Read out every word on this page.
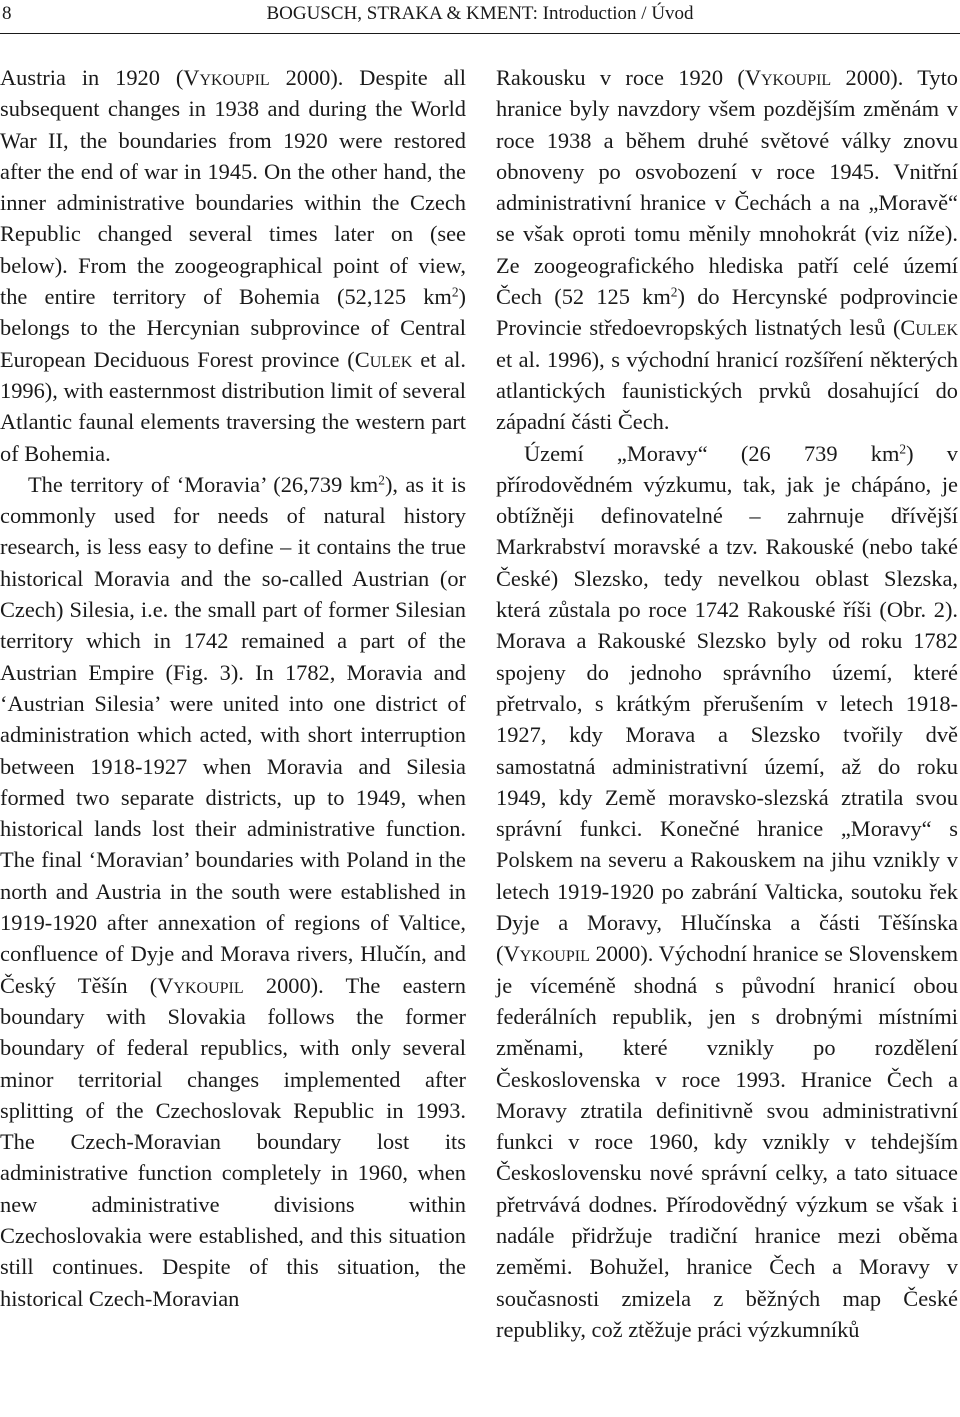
8	BOGUSCH, STRAKA & KMENT: Introduction / Úvod

Austria in 1920 (Vykoupil 2000). Despite all subsequent changes in 1938 and during the World War II, the boundaries from 1920 were restored after the end of war in 1945. On the other hand, the inner administrative boundaries within the Czech Republic changed several times later on (see below). From the zoogeographical point of view, the entire territory of Bohemia (52,125 $km^2$) belongs to the Hercynian subprovince of Central European Deciduous Forest province (Culek et al. 1996), with easternmost distribution limit of several Atlantic faunal elements traversing the western part of Bohemia.

The territory of ‘Moravia’ (26,739 $km^2$), as it is commonly used for needs of natural history research, is less easy to define – it contains the true historical Moravia and the so-called Austrian (or Czech) Silesia, i.e. the small part of former Silesian territory which in 1742 remained a part of the Austrian Empire (Fig. 3). In 1782, Moravia and ‘Austrian Silesia’ were united into one district of administration which acted, with short interruption between 1918-1927 when Moravia and Silesia formed two separate districts, up to 1949, when historical lands lost their administrative function. The final ‘Moravian’ boundaries with Poland in the north and Austria in the south were established in 1919-1920 after annexation of regions of Valtice, confluence of Dyje and Morava rivers, Hlučín, and Český Těšín (Vykoupil 2000). The eastern boundary with Slovakia follows the former boundary of federal republics, with only several minor territorial changes implemented after splitting of the Czechoslovak Republic in 1993. The Czech-Moravian boundary lost its administrative function completely in 1960, when new administrative divisions within Czechoslovakia were established, and this situation still continues. Despite of this situation, the historical Czech-Moravian

Rakousku v roce 1920 (Vykoupil 2000). Tyto hranice byly navzdory všem pozdějším změnám v roce 1938 a během druhé světové války znovu obnoveny po osvobození v roce 1945. Vnitřní administrativní hranice v Čechách a na „Moravě“ se však oproti tomu měnily mnohokrát (viz níže). Ze zoogeografického hlediska patří celé území Čech (52 125 $km^2$) do Hercynské podprovincie Provincie středoevropských listnatých lesů (Culek et al. 1996), s východní hranicí rozšíření některých atlantických faunistických prvků dosahující do západní části Čech.

Území „Moravy“ (26 739 $km^2$) v přírodovědném výzkumu, tak, jak je chápáno, je obtížněji definovatelné – zahrnuje dřívější Markrabství moravské a tzv. Rakouské (nebo také České) Slezsko, tedy nevelkou oblast Slezska, která zůstala po roce 1742 Rakouské říši (Obr. 2). Morava a Rakouské Slezsko byly od roku 1782 spojeny do jednoho správního území, které přetrvalo, s krátkým přerušením v letech 1918-1927, kdy Morava a Slezsko tvořily dvě samostatná administrativní území, až do roku 1949, kdy Země moravsko-slezská ztratila svou správní funkci. Konečné hranice „Moravy“ s Polskem na severu a Rakouskem na jihu vznikly v letech 1919-1920 po zabrání Valticka, soutoku řek Dyje a Moravy, Hlučínska a části Těšínska (Vykoupil 2000). Východní hranice se Slovenskem je víceméně shodná s původní hranicí obou federálních republik, jen s drobnými místními změnami, které vznikly po rozdělení Československa v roce 1993. Hranice Čech a Moravy ztratila definitivně svou administrativní funkci v roce 1960, kdy vznikly v tehdejším Československu nové správní celky, a tato situace přetrvává dodnes. Přírodovědný výzkum se však i nadále přidržuje tradiční hranice mezi oběma zeměmi. Bohužel, hranice Čech a Moravy v současnosti zmizela z běžných map České republiky, což ztěžuje práci výzkumníků
